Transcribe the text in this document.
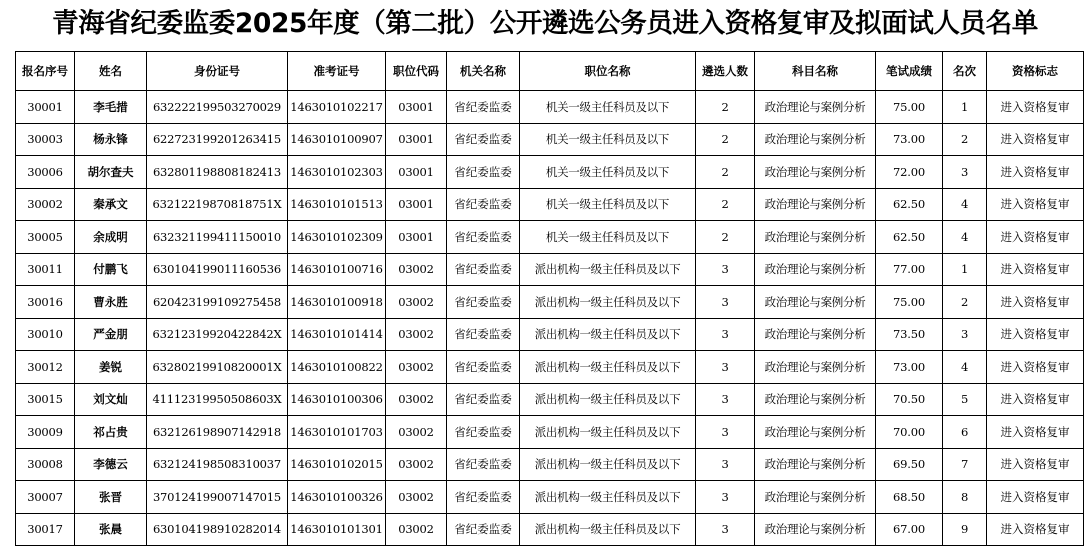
青海省纪委监委2025年度（第二批）公开遴选公务员进入资格复审及拟面试人员名单
报名序号	姓名	身份证号	准考证号	职位代码	机关名称	职位名称	遴选人数	科目名称	笔试成绩	名次	资格标志
30001	李毛措	632222199503270029	1463010102217	03001	省纪委监委	机关一级主任科员及以下	2	政治理论与案例分析	75.00	1	进入资格复审
30003	杨永锋	622723199201263415	1463010100907	03001	省纪委监委	机关一级主任科员及以下	2	政治理论与案例分析	73.00	2	进入资格复审
30006	胡尔查夫	632801198808182413	1463010102303	03001	省纪委监委	机关一级主任科员及以下	2	政治理论与案例分析	72.00	3	进入资格复审
30002	秦承文	63212219870818751X	1463010101513	03001	省纪委监委	机关一级主任科员及以下	2	政治理论与案例分析	62.50	4	进入资格复审
30005	余成明	632321199411150010	1463010102309	03001	省纪委监委	机关一级主任科员及以下	2	政治理论与案例分析	62.50	4	进入资格复审
30011	付鹏飞	630104199011160536	1463010100716	03002	省纪委监委	派出机构一级主任科员及以下	3	政治理论与案例分析	77.00	1	进入资格复审
30016	曹永胜	620423199109275458	1463010100918	03002	省纪委监委	派出机构一级主任科员及以下	3	政治理论与案例分析	75.00	2	进入资格复审
30010	严金朋	63212319920422842X	1463010101414	03002	省纪委监委	派出机构一级主任科员及以下	3	政治理论与案例分析	73.50	3	进入资格复审
30012	姜锐	63280219910820001X	1463010100822	03002	省纪委监委	派出机构一级主任科员及以下	3	政治理论与案例分析	73.00	4	进入资格复审
30015	刘文灿	41112319950508603X	1463010100306	03002	省纪委监委	派出机构一级主任科员及以下	3	政治理论与案例分析	70.50	5	进入资格复审
30009	祁占贵	632126198907142918	1463010101703	03002	省纪委监委	派出机构一级主任科员及以下	3	政治理论与案例分析	70.00	6	进入资格复审
30008	李德云	632124198508310037	1463010102015	03002	省纪委监委	派出机构一级主任科员及以下	3	政治理论与案例分析	69.50	7	进入资格复审
30007	张晋	370124199007147015	1463010100326	03002	省纪委监委	派出机构一级主任科员及以下	3	政治理论与案例分析	68.50	8	进入资格复审
30017	张晨	630104198910282014	1463010101301	03002	省纪委监委	派出机构一级主任科员及以下	3	政治理论与案例分析	67.00	9	进入资格复审
